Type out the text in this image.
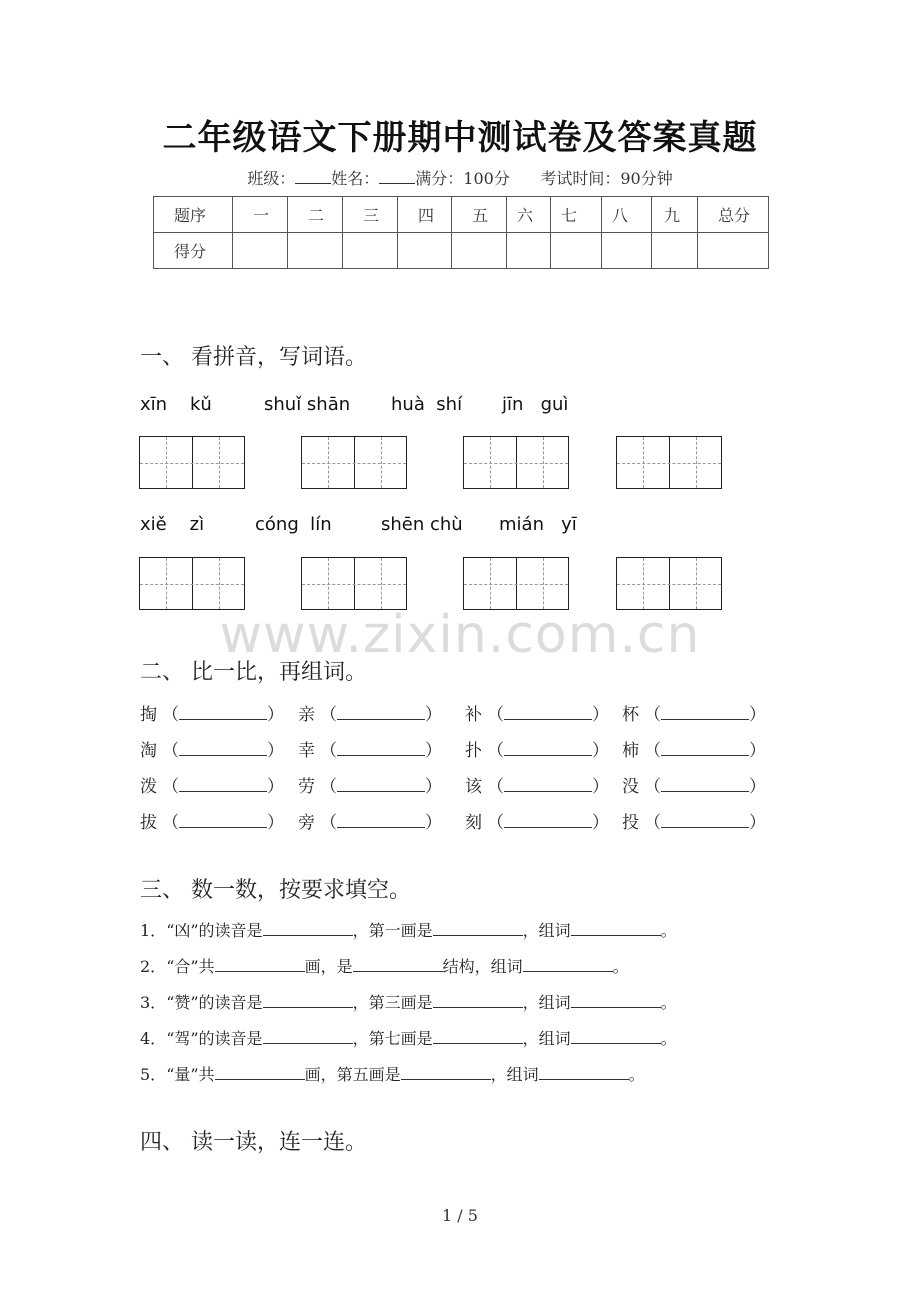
二年级语文下册期中测试卷及答案真题
班级： 姓名： 满分：100分 考试时间：90分钟
题序	一	二	三	四	五	六	七	八	九	总分
得分										
一、 看拼音，写词语。
xīn    kǔ	shuǐ shān huà  shí jīn   guì
xiě    zì	cóng  lín	shēn chù mián   yī
www.zixin.com.cn
二、 比一比，再组词。
掏 （	） 亲 （	） 补 （	） 杯 （	）
淘 （	） 幸 （	） 扑 （	） 柿 （	）
泼 （	） 劳 （	） 该 （	） 没 （	）
拔 （	） 旁 （	） 刻 （	） 投 （	）
三、 数一数，按要求填空。
1．“凶”的读音是	，第一画是	，组词	。
2．“合”共	画，是	结构，组词	。
3．“赞”的读音是	，第三画是	，组词	。
4．“驾”的读音是	，第七画是	，组词	。
5．“量”共	画，第五画是	，组词	。
四、 读一读，连一连。
1 / 5
